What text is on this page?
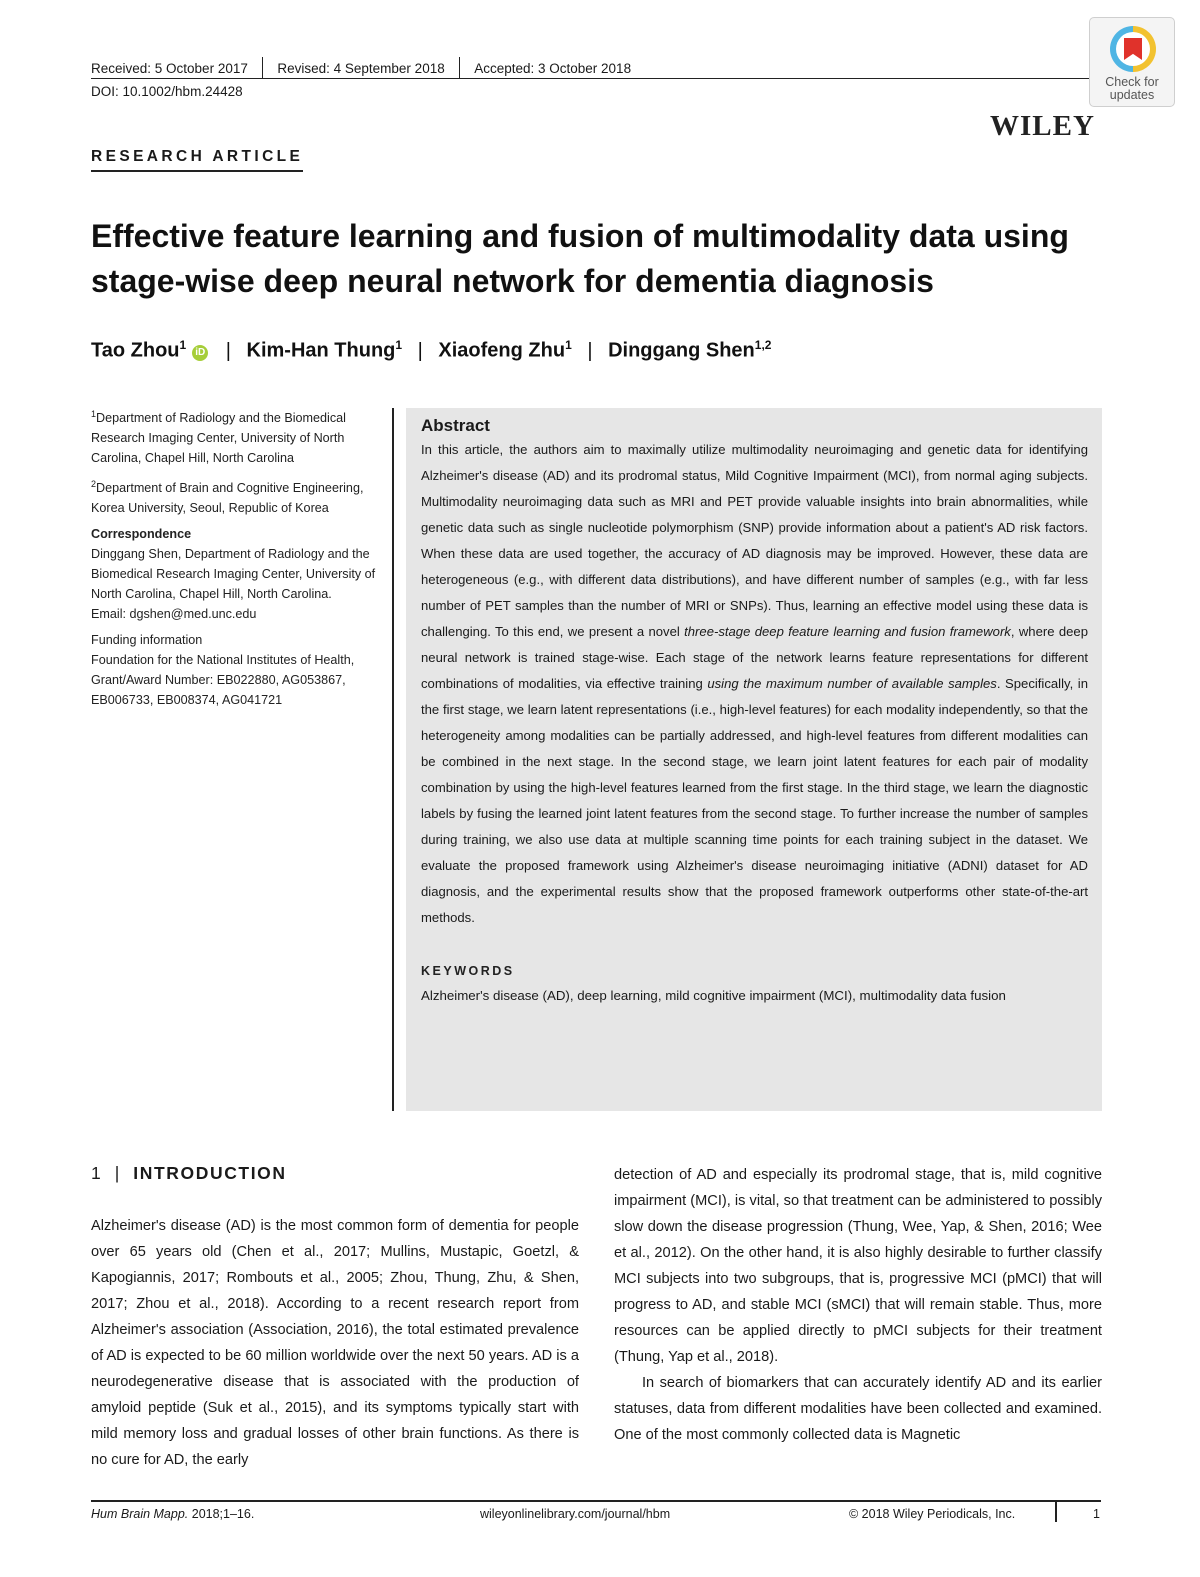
Received: 5 October 2017 Revised: 4 September 2018 Accepted: 3 October 2018
DOI: 10.1002/hbm.24428
Check for
updates
WILEY
RESEARCH ARTICLE
Effective feature learning and fusion of multimodality data using stage-wise deep neural network for dementia diagnosis
Tao Zhou$^1$iD | Kim-Han Thung$^1$ | Xiaofeng Zhu$^1$ | Dinggang Shen$^{1,2}$

$^1$Department of Radiology and the Biomedical Research Imaging Center, University of North Carolina, Chapel Hill, North Carolina

$^2$Department of Brain and Cognitive Engineering, Korea University, Seoul, Republic of Korea

Correspondence

Dinggang Shen, Department of Radiology and the Biomedical Research Imaging Center, University of North Carolina, Chapel Hill, North Carolina.

Email: dgshen@med.unc.edu

Funding information

Foundation for the National Institutes of Health, Grant/Award Number: EB022880, AG053867, EB006733, EB008374, AG041721

Abstract

In this article, the authors aim to maximally utilize multimodality neuroimaging and genetic data for identifying Alzheimer's disease (AD) and its prodromal status, Mild Cognitive Impairment (MCI), from normal aging subjects. Multimodality neuroimaging data such as MRI and PET provide valuable insights into brain abnormalities, while genetic data such as single nucleotide polymorphism (SNP) provide information about a patient's AD risk factors. When these data are used together, the accuracy of AD diagnosis may be improved. However, these data are heterogeneous (e.g., with different data distributions), and have different number of samples (e.g., with far less number of PET samples than the number of MRI or SNPs). Thus, learning an effective model using these data is challenging. To this end, we present a novel three-stage deep feature learning and fusion framework, where deep neural network is trained stage-wise. Each stage of the network learns feature representations for different combinations of modalities, via effective training using the maximum number of available samples. Specifically, in the first stage, we learn latent representations (i.e., high-level features) for each modality independently, so that the heterogeneity among modalities can be partially addressed, and high-level features from different modalities can be combined in the next stage. In the second stage, we learn joint latent features for each pair of modality combination by using the high-level features learned from the first stage. In the third stage, we learn the diagnostic labels by fusing the learned joint latent features from the second stage. To further increase the number of samples during training, we also use data at multiple scanning time points for each training subject in the dataset. We evaluate the proposed framework using Alzheimer's disease neuroimaging initiative (ADNI) dataset for AD diagnosis, and the experimental results show that the proposed framework outperforms other state-of-the-art methods.

KEYWORDS

Alzheimer's disease (AD), deep learning, mild cognitive impairment (MCI), multimodality data fusion

1 | INTRODUCTION

Alzheimer's disease (AD) is the most common form of dementia for people over 65 years old (Chen et al., 2017; Mullins, Mustapic, Goetzl, & Kapogiannis, 2017; Rombouts et al., 2005; Zhou, Thung, Zhu, & Shen, 2017; Zhou et al., 2018). According to a recent research report from Alzheimer's association (Association, 2016), the total estimated prevalence of AD is expected to be 60 million worldwide over the next 50 years. AD is a neurodegenerative disease that is associated with the production of amyloid peptide (Suk et al., 2015), and its symptoms typically start with mild memory loss and gradual losses of other brain functions. As there is no cure for AD, the early

detection of AD and especially its prodromal stage, that is, mild cognitive impairment (MCI), is vital, so that treatment can be administered to possibly slow down the disease progression (Thung, Wee, Yap, & Shen, 2016; Wee et al., 2012). On the other hand, it is also highly desirable to further classify MCI subjects into two subgroups, that is, progressive MCI (pMCI) that will progress to AD, and stable MCI (sMCI) that will remain stable. Thus, more resources can be applied directly to pMCI subjects for their treatment (Thung, Yap et al., 2018).

In search of biomarkers that can accurately identify AD and its earlier statuses, data from different modalities have been collected and examined. One of the most commonly collected data is Magnetic

Hum Brain Mapp. 2018;1–16.	wileyonlinelibrary.com/journal/hbm	© 2018 Wiley Periodicals, Inc.	1
